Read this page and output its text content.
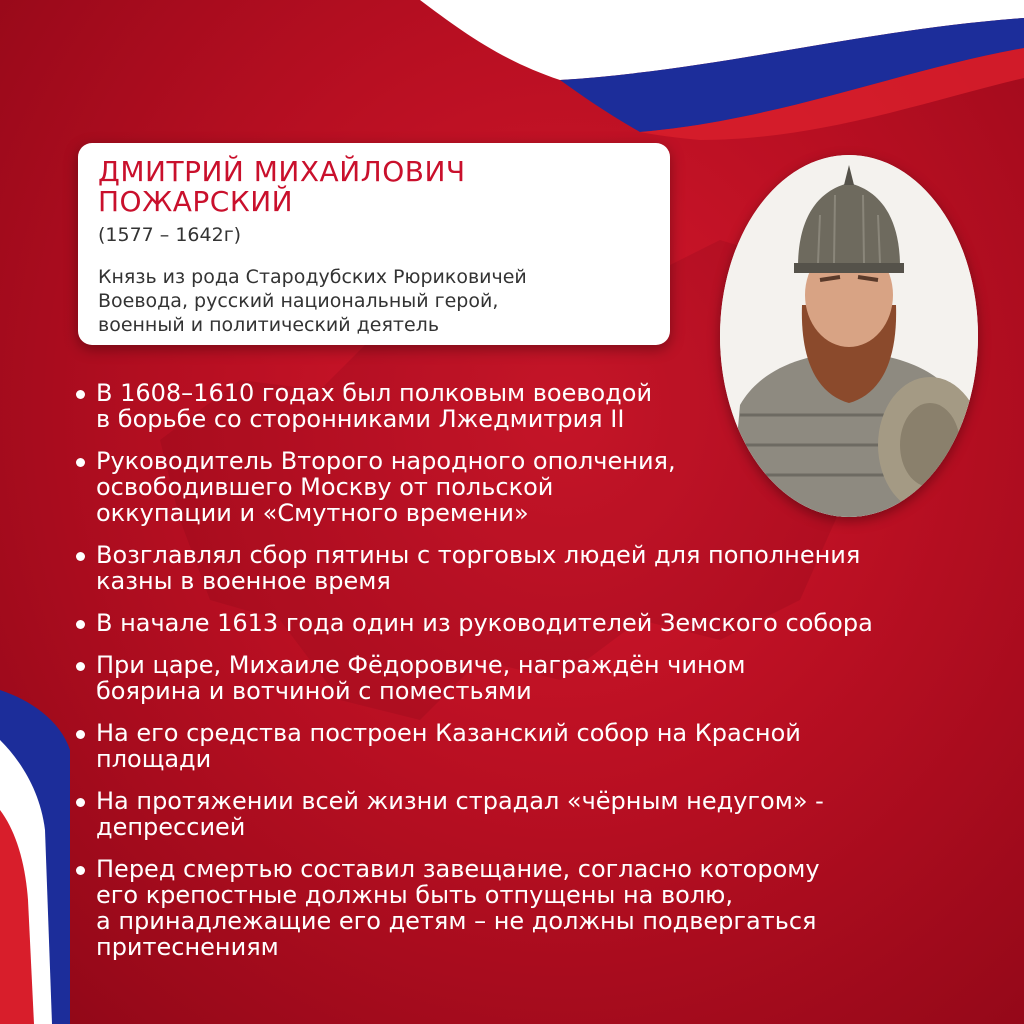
ДМИТРИЙ МИХАЙЛОВИЧ
ПОЖАРСКИЙ
(1577 – 1642г)
Князь из рода Стародубских Рюриковичей
Воевода, русский национальный герой,
военный и политический деятель
В 1608–1610 годах был полковым воеводой
в борьбе со сторонниками Лжедмитрия II
Руководитель Второго народного ополчения,
освободившего Москву от польской
оккупации и «Смутного времени»
Возглавлял сбор пятины с торговых людей для пополнения
казны в военное время
В начале 1613 года один из руководителей Земского собора
При царе, Михаиле Фёдоровиче, награждён чином
боярина и вотчиной с поместьями
На его средства построен Казанский собор на Красной
площади
На протяжении всей жизни страдал «чёрным недугом» -
депрессией
Перед смертью составил завещание, согласно которому
его крепостные должны быть отпущены на волю,
а принадлежащие его детям – не должны подвергаться
притеснениям
